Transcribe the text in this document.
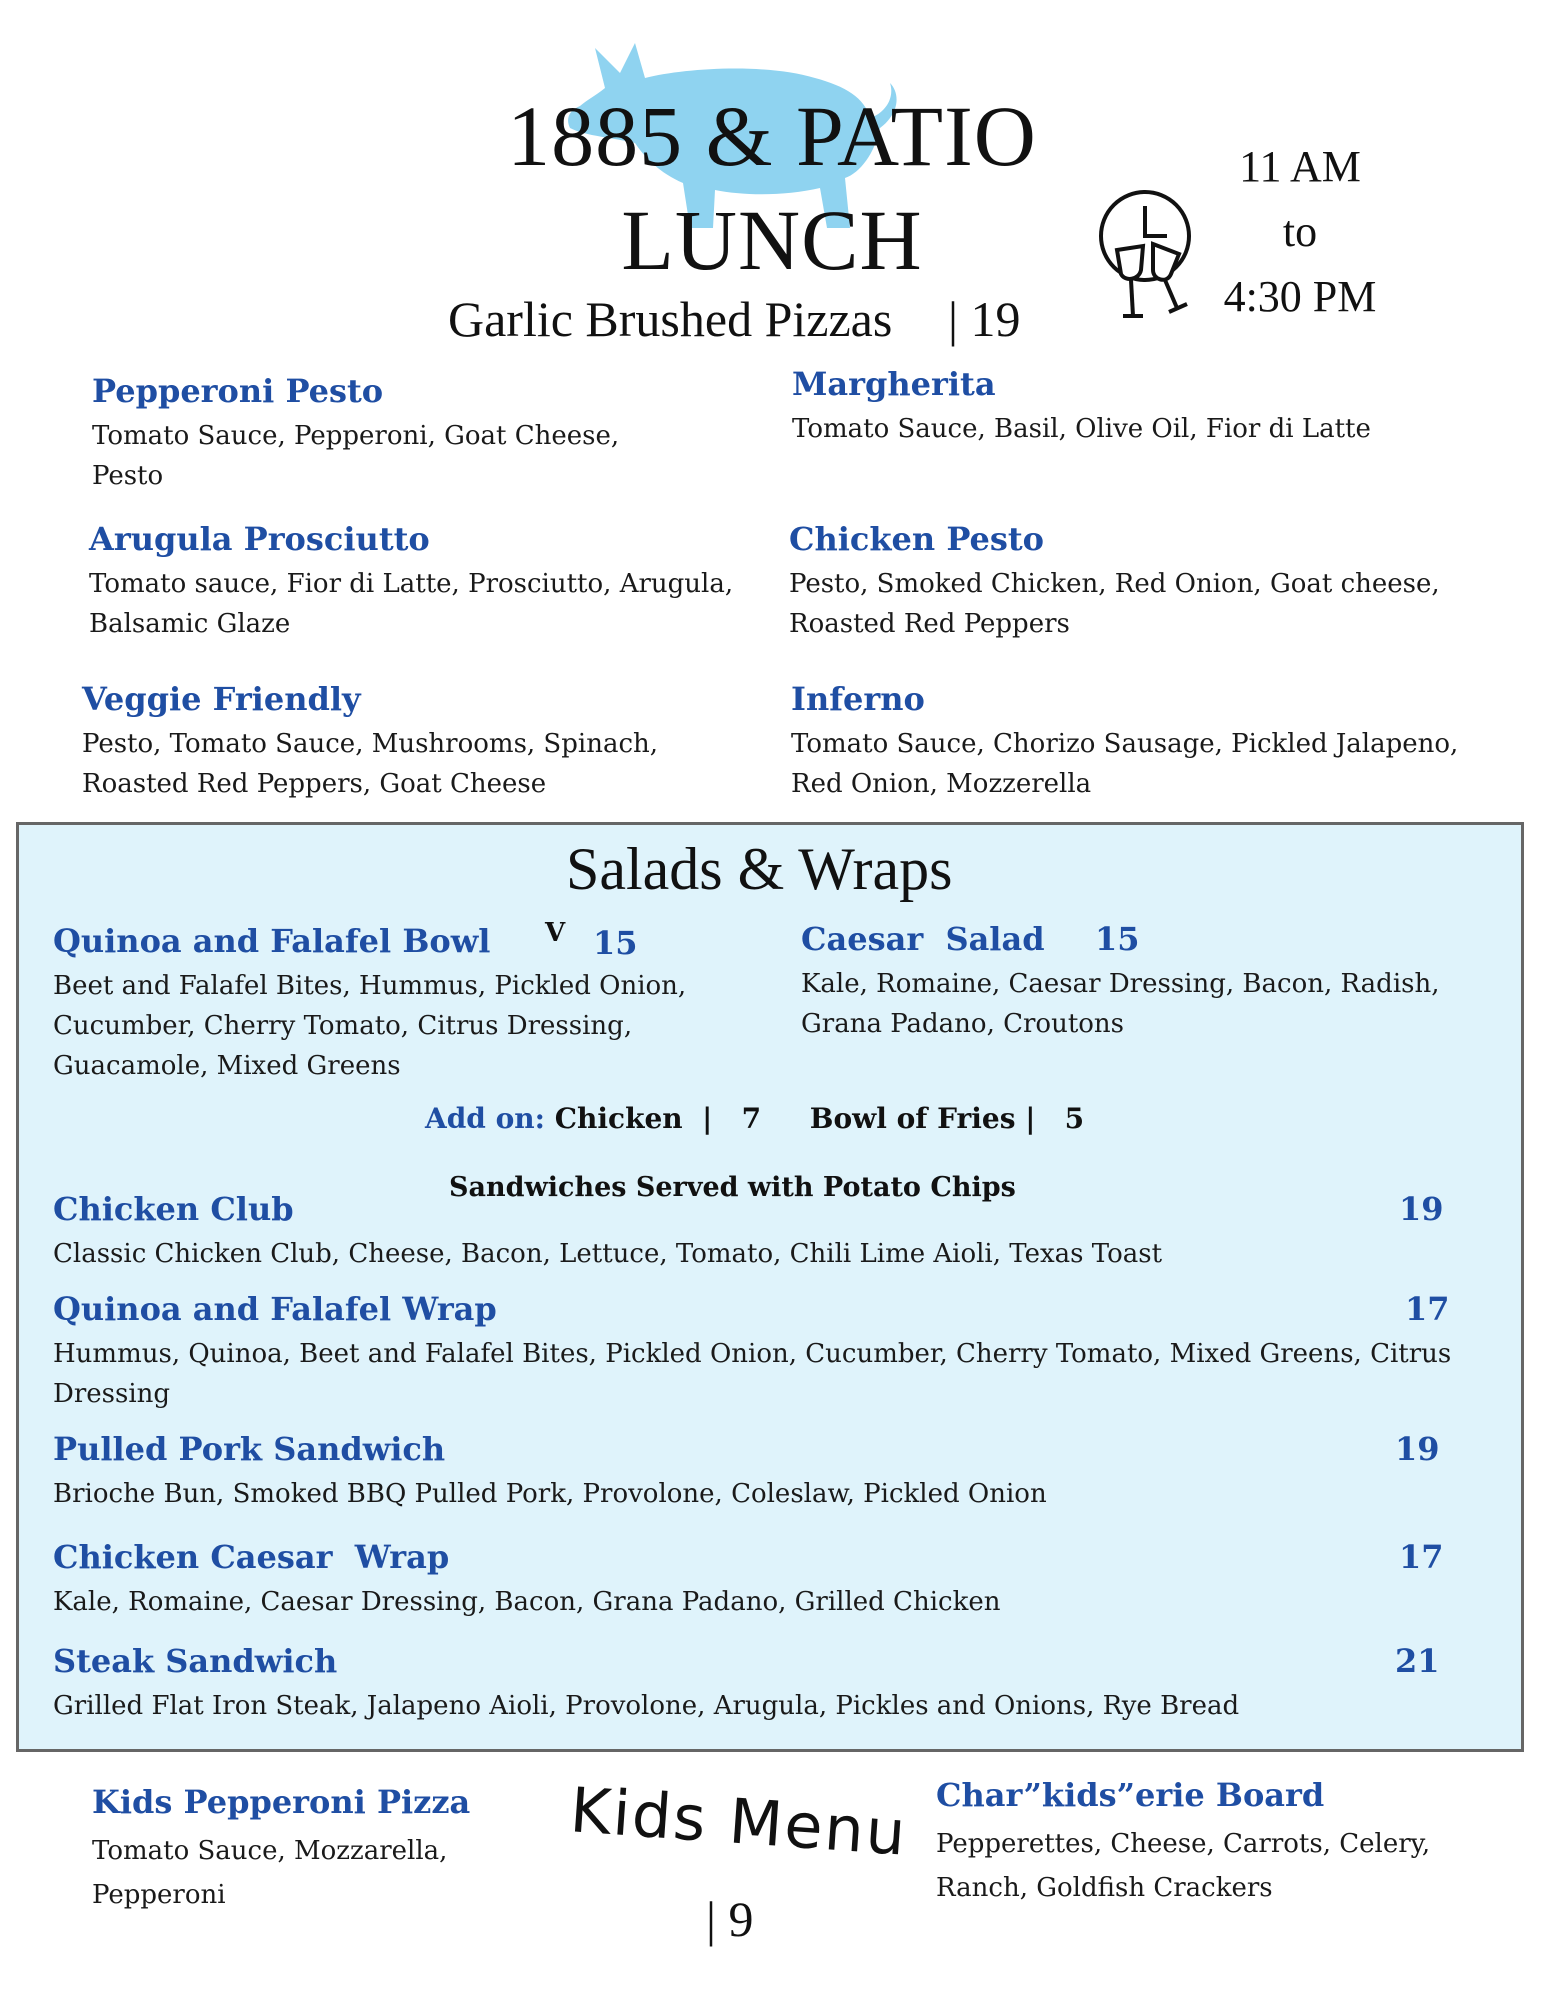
1885 & PATIO
LUNCH
Garlic Brushed Pizzas | 19
11 AM
to
4:30 PM
Pepperoni Pesto
Tomato Sauce, Pepperoni, Goat Cheese, Pesto
Margherita
Tomato Sauce, Basil, Olive Oil, Fior di Latte
Arugula Prosciutto
Tomato sauce, Fior di Latte, Prosciutto, Arugula, Balsamic Glaze
Chicken Pesto
Pesto, Smoked Chicken, Red Onion, Goat cheese, Roasted Red Peppers
Veggie Friendly
Pesto, Tomato Sauce, Mushrooms, Spinach, Roasted Red Peppers, Goat Cheese
Inferno
Tomato Sauce, Chorizo Sausage, Pickled Jalapeno, Red Onion, Mozzerella
Salads & Wraps
Quinoa and Falafel Bowl V 15
Beet and Falafel Bites, Hummus, Pickled Onion, Cucumber, Cherry Tomato, Citrus Dressing, Guacamole, Mixed Greens
Caesar  Salad 15
Kale, Romaine, Caesar Dressing, Bacon, Radish, Grana Padano, Croutons
Add on: Chicken  |   7     Bowl of Fries |   5
Sandwiches Served with Potato Chips
Chicken Club	19
Classic Chicken Club, Cheese, Bacon, Lettuce, Tomato, Chili Lime Aioli, Texas Toast
Quinoa and Falafel Wrap	17
Hummus, Quinoa, Beet and Falafel Bites, Pickled Onion, Cucumber, Cherry Tomato, Mixed Greens, Citrus Dressing
Pulled Pork Sandwich	19
Brioche Bun, Smoked BBQ Pulled Pork, Provolone, Coleslaw, Pickled Onion
Chicken Caesar  Wrap	17
Kale, Romaine, Caesar Dressing, Bacon, Grana Padano, Grilled Chicken
Steak Sandwich	21
Grilled Flat Iron Steak, Jalapeno Aioli, Provolone, Arugula, Pickles and Onions, Rye Bread
Kids Pepperoni Pizza
Tomato Sauce, Mozzarella, Pepperoni
Kids Menu
| 9
Char”kids”erie Board
Pepperettes, Cheese, Carrots, Celery, Ranch, Goldfish Crackers
